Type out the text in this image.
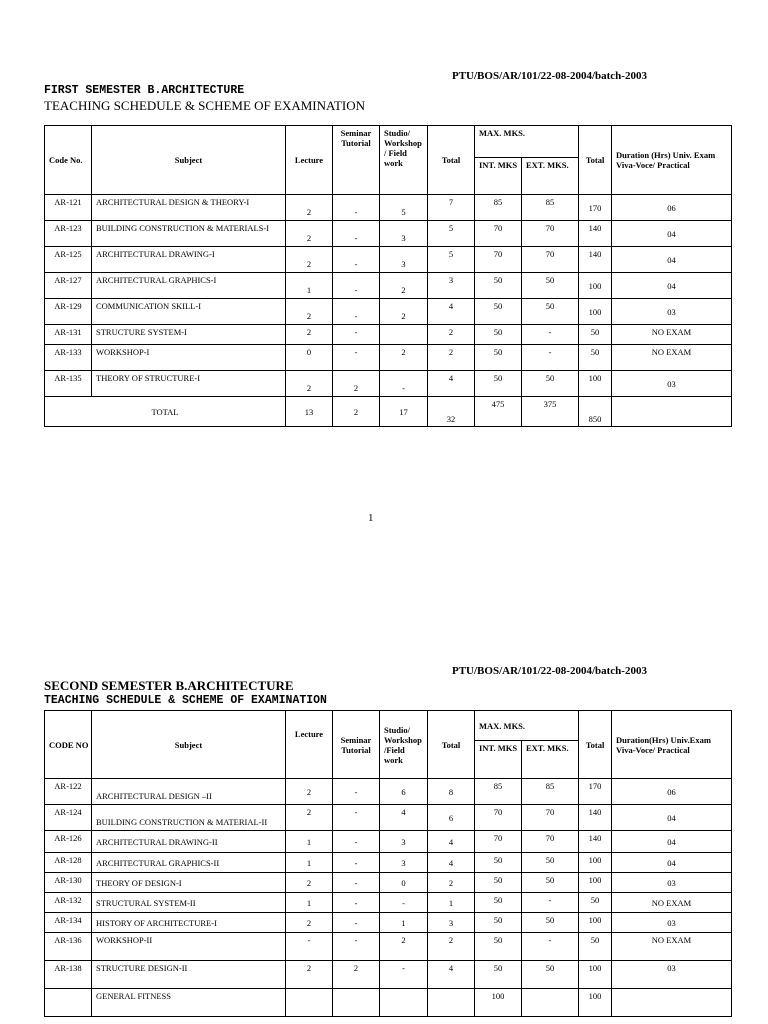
PTU/BOS/AR/101/22-08-2004/batch-2003
FIRST SEMESTER B.ARCHITECTURE
TEACHING SCHEDULE & SCHEME OF EXAMINATION
Code No.	Subject	Lecture	Seminar Tutorial	Studio/ Workshop / Field work	Total	MAX. MKS.		Total	Duration (Hrs) Univ. Exam Viva-Voce/ Practical
						INT. MKS	EXT. MKS.		
AR-121	ARCHITECTURAL DESIGN & THEORY-I	2	-	5	7	85	85	170	06
AR-123	BUILDING CONSTRUCTION & MATERIALS-I	2	-	3	5	70	70	140	04
AR-125	ARCHITECTURAL DRAWING-I	2	-	3	5	70	70	140	04
AR-127	ARCHITECTURAL GRAPHICS-I	1	-	2	3	50	50	100	04
AR-129	COMMUNICATION SKILL-I	2	-	2	4	50	50	100	03
AR-131	STRUCTURE SYSTEM-I	2	-		2	50	-	50	NO EXAM
AR-133	WORKSHOP-I	0	-	2	2	50	-	50	NO EXAM
AR-135	THEORY OF STRUCTURE-I	2	2	-	4	50	50	100	03
TOTAL		13	2	17	32	475	375	850	
1
PTU/BOS/AR/101/22-08-2004/batch-2003
SECOND SEMESTER B.ARCHITECTURE
TEACHING SCHEDULE & SCHEME OF EXAMINATION
CODE NO	Subject	Lecture	Seminar Tutorial	Studio/ Workshop /Field work	Total	MAX. MKS.		Total	Duration(Hrs) Univ.Exam Viva-Voce/ Practical
						INT. MKS	EXT. MKS.		
AR-122	ARCHITECTURAL DESIGN –II	2	-	6	8	85	85	170	06
AR-124	BUILDING CONSTRUCTION & MATERIAL-II	2	-	4	6	70	70	140	04
AR-126	ARCHITECTURAL DRAWING-II	1	-	3	4	70	70	140	04
AR-128	ARCHITECTURAL GRAPHICS-II	1	-	3	4	50	50	100	04
AR-130	THEORY OF DESIGN-I	2	-	0	2	50	50	100	03
AR-132	STRUCTURAL SYSTEM-II	1	-	-	1	50	-	50	NO EXAM
AR-134	HISTORY OF ARCHITECTURE-I	2	-	1	3	50	50	100	03
AR-136	WORKSHOP-II	-	-	2	2	50	-	50	NO EXAM
AR-138	STRUCTURE DESIGN-II	2	2	-	4	50	50	100	03
	GENERAL FITNESS					100		100	
